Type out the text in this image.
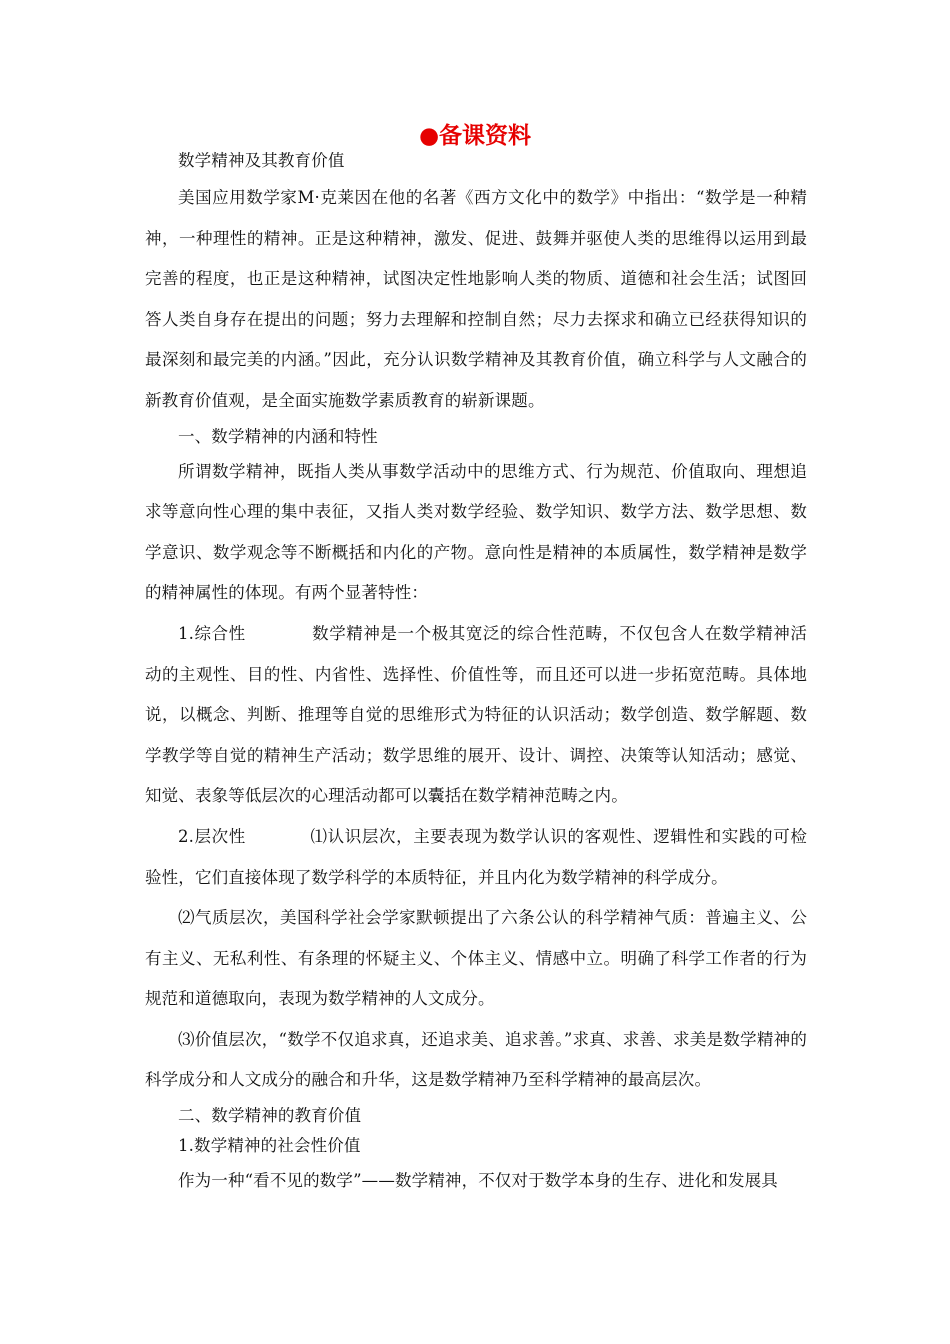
●备课资料

数学精神及其教育价值

美国应用数学家M·克莱因在他的名著《西方文化中的数学》中指出：“数学是一种精神，一种理性的精神。正是这种精神，激发、促进、鼓舞并驱使人类的思维得以运用到最完善的程度，也正是这种精神，试图决定性地影响人类的物质、道德和社会生活；试图回答人类自身存在提出的问题；努力去理解和控制自然；尽力去探求和确立已经获得知识的最深刻和最完美的内涵。”因此，充分认识数学精神及其教育价值，确立科学与人文融合的新教育价值观，是全面实施数学素质教育的崭新课题。

一、数学精神的内涵和特性

所谓数学精神，既指人类从事数学活动中的思维方式、行为规范、价值取向、理想追求等意向性心理的集中表征，又指人类对数学经验、数学知识、数学方法、数学思想、数学意识、数学观念等不断概括和内化的产物。意向性是精神的本质属性，数学精神是数学的精神属性的体现。有两个显著特性：

1.综合性	数学精神是一个极其宽泛的综合性范畴，不仅包含人在数学精神活动的主观性、目的性、内省性、选择性、价值性等，而且还可以进一步拓宽范畴。具体地说，以概念、判断、推理等自觉的思维形式为特征的认识活动；数学创造、数学解题、数学教学等自觉的精神生产活动；数学思维的展开、设计、调控、决策等认知活动；感觉、知觉、表象等低层次的心理活动都可以囊括在数学精神范畴之内。

2.层次性	⑴认识层次，主要表现为数学认识的客观性、逻辑性和实践的可检验性，它们直接体现了数学科学的本质特征，并且内化为数学精神的科学成分。

⑵气质层次，美国科学社会学家默顿提出了六条公认的科学精神气质：普遍主义、公有主义、无私利性、有条理的怀疑主义、个体主义、情感中立。明确了科学工作者的行为规范和道德取向，表现为数学精神的人文成分。

⑶价值层次，“数学不仅追求真，还追求美、追求善。”求真、求善、求美是数学精神的科学成分和人文成分的融合和升华，这是数学精神乃至科学精神的最高层次。

二、数学精神的教育价值

1.数学精神的社会性价值

作为一种“看不见的数学”——数学精神，不仅对于数学本身的生存、进化和发展具
